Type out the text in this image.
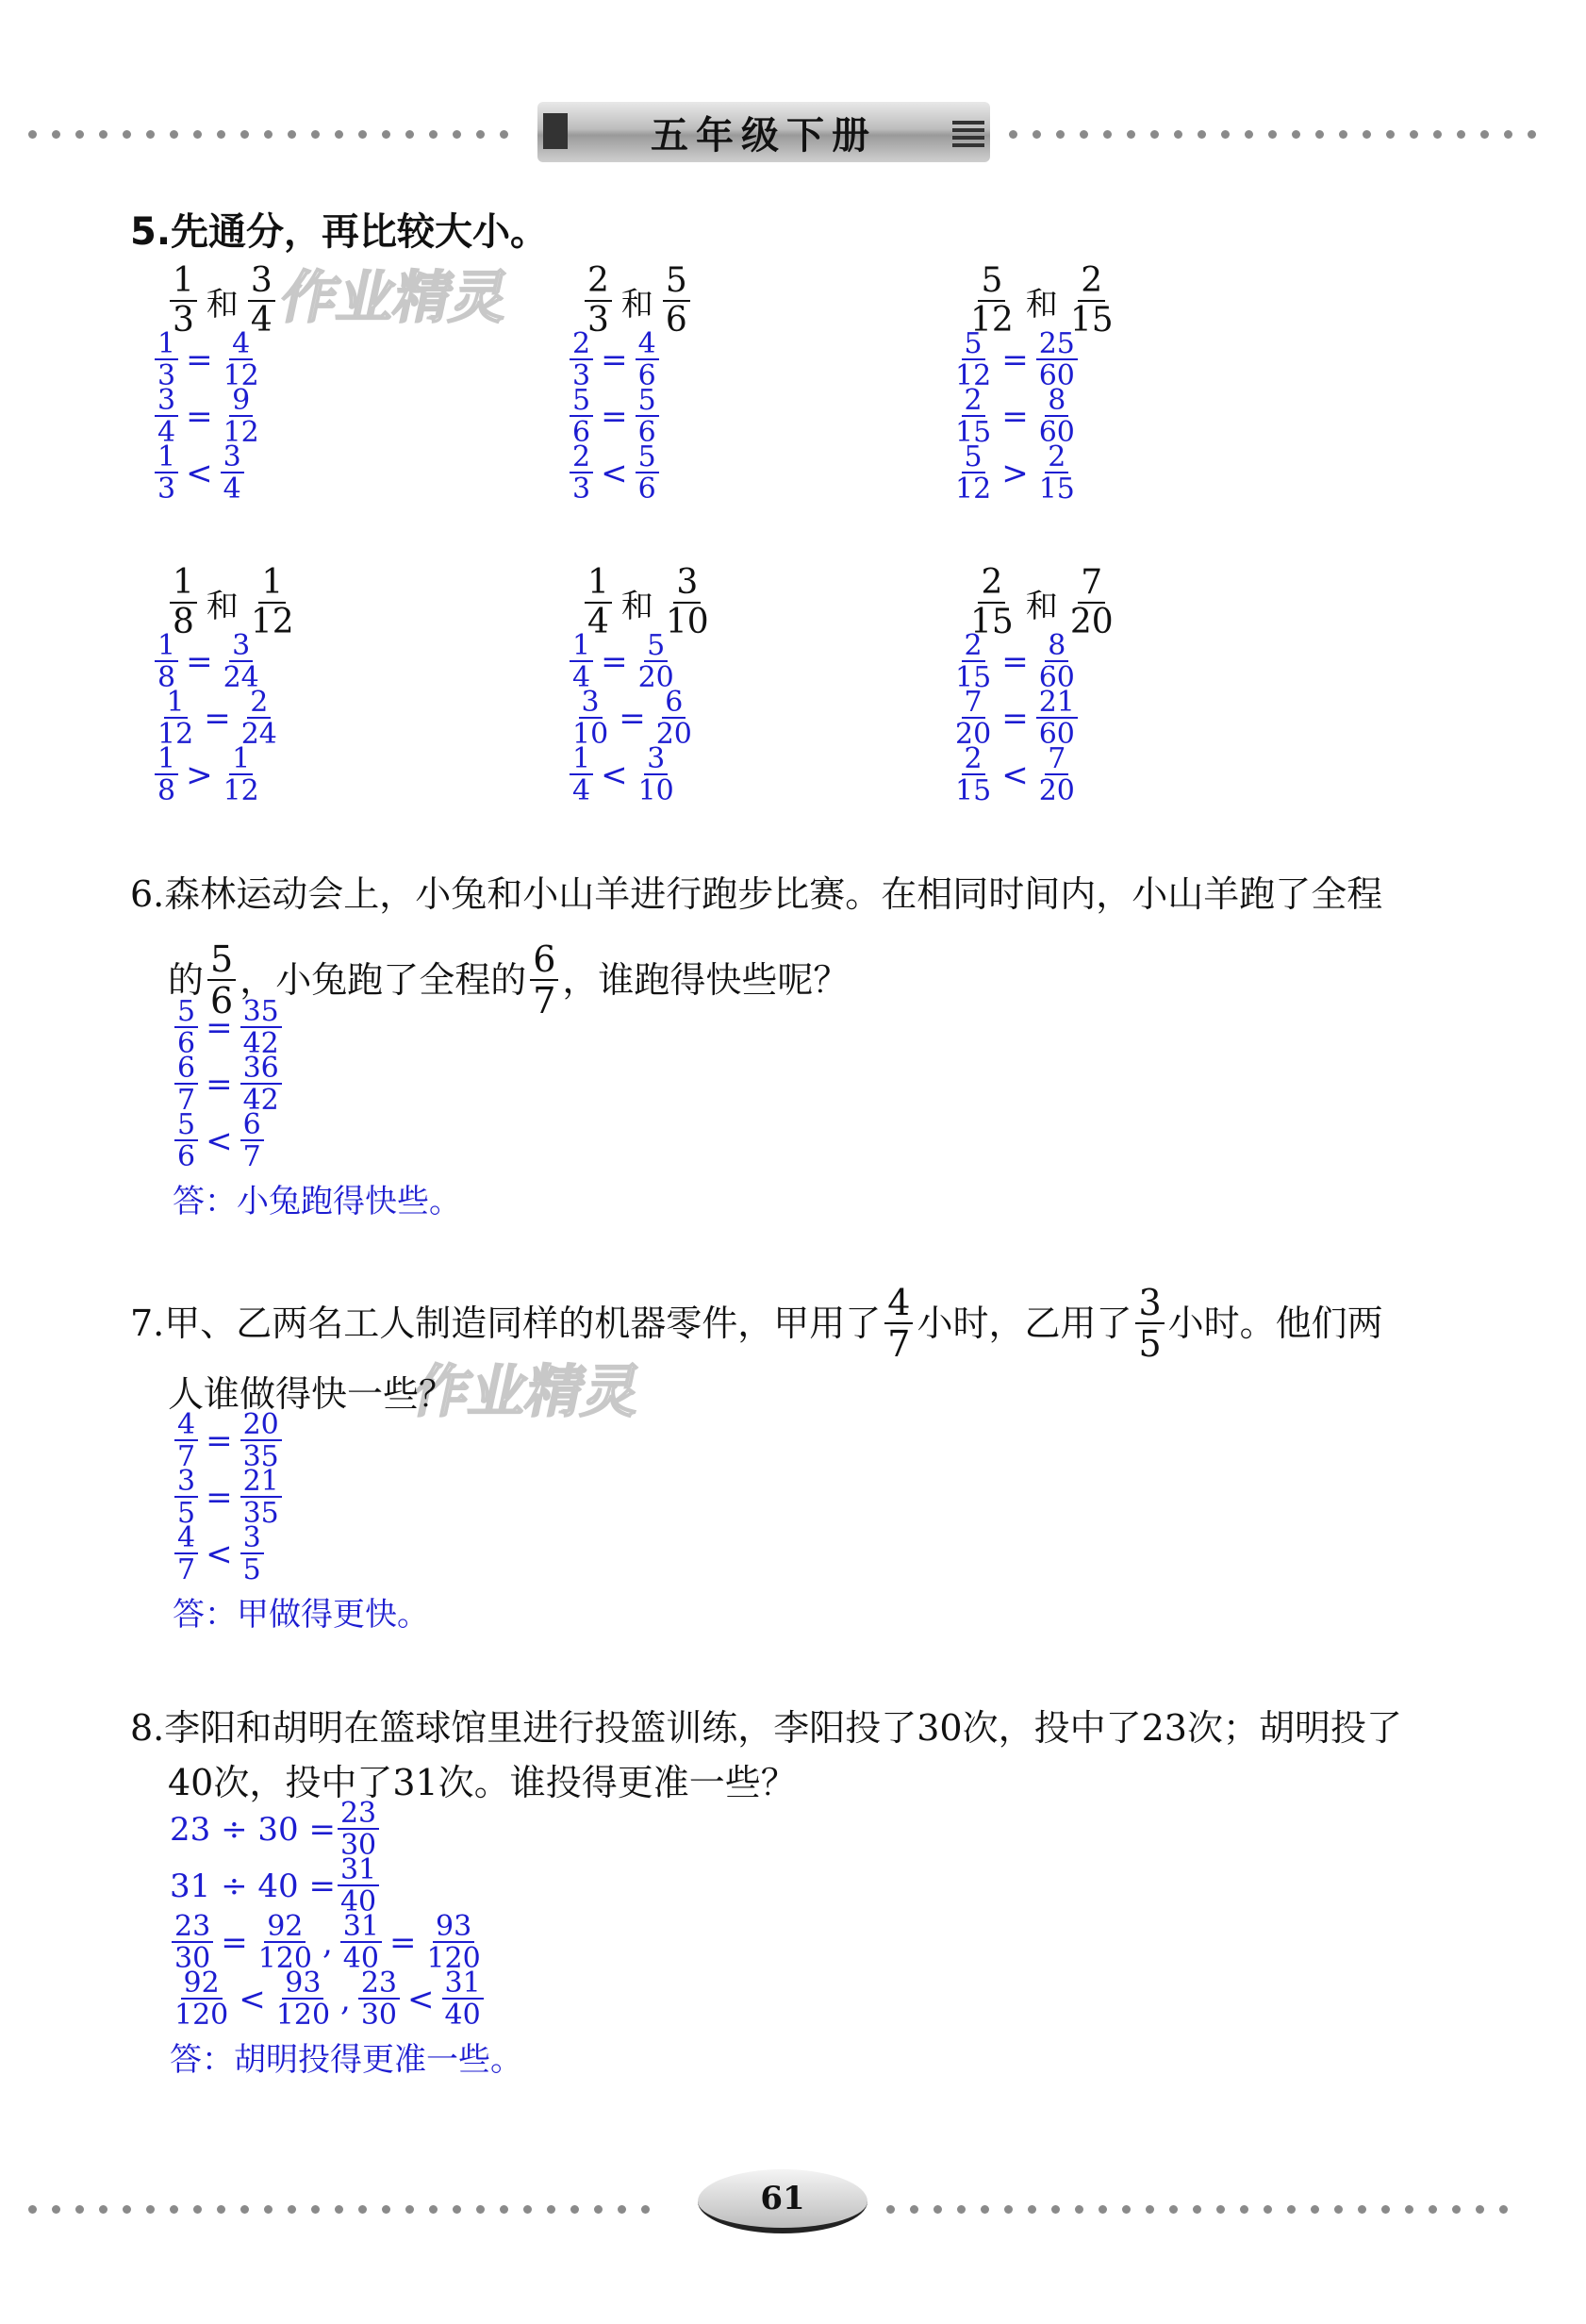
五年级下册
作业精灵
作业精灵
5.先通分，再比较大小。
$\frac{1}{3}$ 和 $\frac{3}{4}$
$\frac{1}{3} = \frac{4}{12}$
$\frac{3}{4} = \frac{9}{12}$
$\frac{1}{3} < \frac{3}{4}$
$\frac{2}{3}$ 和 $\frac{5}{6}$
$\frac{2}{3} = \frac{4}{6}$
$\frac{5}{6} = \frac{5}{6}$
$\frac{2}{3} < \frac{5}{6}$
$\frac{5}{12}$ 和 $\frac{2}{15}$
$\frac{5}{12} = \frac{25}{60}$
$\frac{2}{15} = \frac{8}{60}$
$\frac{5}{12} > \frac{2}{15}$
$\frac{1}{8}$ 和 $\frac{1}{12}$
$\frac{1}{8} = \frac{3}{24}$
$\frac{1}{12} = \frac{2}{24}$
$\frac{1}{8} > \frac{1}{12}$
$\frac{1}{4}$ 和 $\frac{3}{10}$
$\frac{1}{4} = \frac{5}{20}$
$\frac{3}{10} = \frac{6}{20}$
$\frac{1}{4} < \frac{3}{10}$
$\frac{2}{15}$ 和 $\frac{7}{20}$
$\frac{2}{15} = \frac{8}{60}$
$\frac{7}{20} = \frac{21}{60}$
$\frac{2}{15} < \frac{7}{20}$
6.森林运动会上，小兔和小山羊进行跑步比赛。在相同时间内，小山羊跑了全程
的 $\frac{5}{6}$ ，小兔跑了全程的 $\frac{6}{7}$ ，谁跑得快些呢？
$\frac{5}{6} = \frac{35}{42}$
$\frac{6}{7} = \frac{36}{42}$
$\frac{5}{6} < \frac{6}{7}$
答：小兔跑得快些。
7.甲、乙两名工人制造同样的机器零件，甲用了 $\frac{4}{7}$ 小时，乙用了 $\frac{3}{5}$ 小时。他们两
人谁做得快一些？
$\frac{4}{7} = \frac{20}{35}$
$\frac{3}{5} = \frac{21}{35}$
$\frac{4}{7} < \frac{3}{5}$
答：甲做得更快。
8.李阳和胡明在篮球馆里进行投篮训练，李阳投了30次，投中了23次；胡明投了
40次，投中了31次。谁投得更准一些？
$23 \div 30 = \frac{23}{30}$
$31 \div 40 = \frac{31}{40}$
$\frac{23}{30} = \frac{92}{120}$ , $\frac{31}{40} = \frac{93}{120}$
$\frac{92}{120} < \frac{93}{120}$ , $\frac{23}{30} < \frac{31}{40}$
答：胡明投得更准一些。
61
